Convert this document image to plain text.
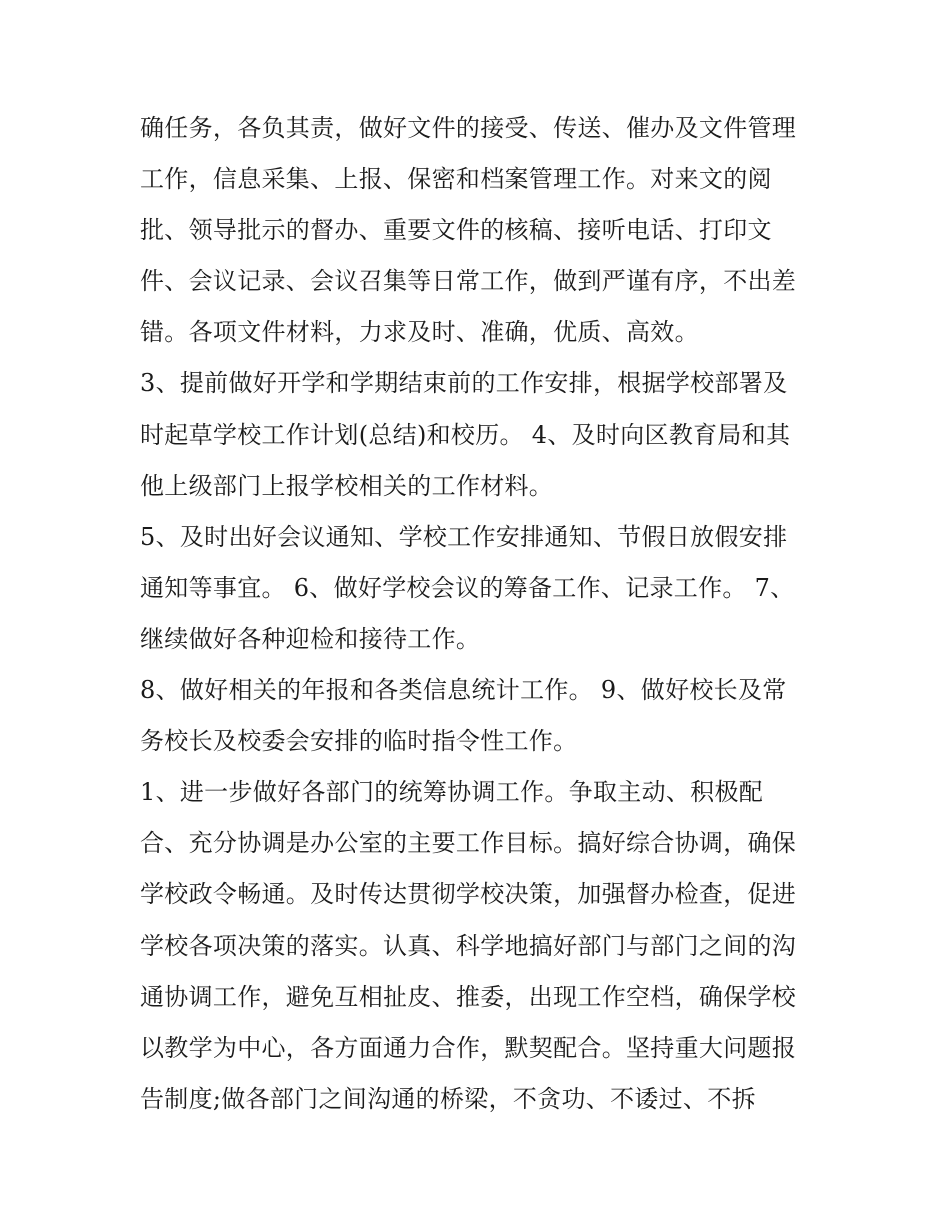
确任务，各负其责，做好文件的接受、传送、催办及文件管理
工作，信息采集、上报、保密和档案管理工作。对来文的阅
批、领导批示的督办、重要文件的核稿、接听电话、打印文
件、会议记录、会议召集等日常工作，做到严谨有序，不出差
错。各项文件材料，力求及时、准确，优质、高效。
3、提前做好开学和学期结束前的工作安排，根据学校部署及
时起草学校工作计划(总结)和校历。 4、及时向区教育局和其
他上级部门上报学校相关的工作材料。
5、及时出好会议通知、学校工作安排通知、节假日放假安排
通知等事宜。 6、做好学校会议的筹备工作、记录工作。 7、
继续做好各种迎检和接待工作。
8、做好相关的年报和各类信息统计工作。 9、做好校长及常
务校长及校委会安排的临时指令性工作。
1、进一步做好各部门的统筹协调工作。争取主动、积极配
合、充分协调是办公室的主要工作目标。搞好综合协调，确保
学校政令畅通。及时传达贯彻学校决策，加强督办检查，促进
学校各项决策的落实。认真、科学地搞好部门与部门之间的沟
通协调工作，避免互相扯皮、推委，出现工作空档，确保学校
以教学为中心，各方面通力合作，默契配合。坚持重大问题报
告制度;做各部门之间沟通的桥梁，不贪功、不诿过、不拆
